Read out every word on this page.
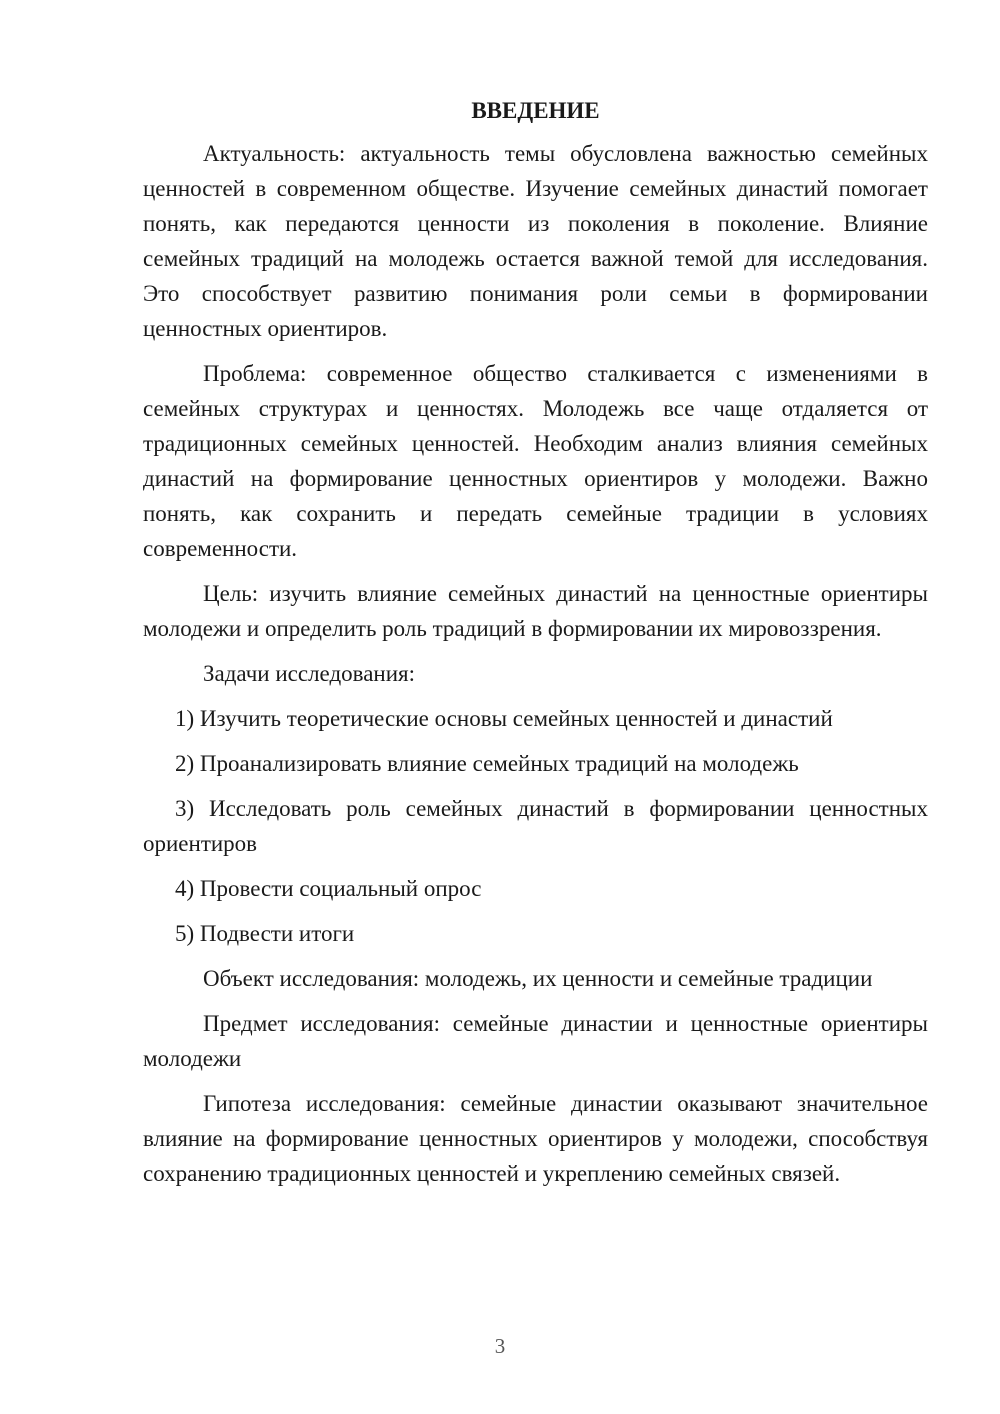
ВВЕДЕНИЕ

Актуальность: актуальность темы обусловлена важностью семейных ценностей в современном обществе. Изучение семейных династий помогает понять, как передаются ценности из поколения в поколение. Влияние семейных традиций на молодежь остается важной темой для исследования. Это способствует развитию понимания роли семьи в формировании ценностных ориентиров.

Проблема: современное общество сталкивается с изменениями в семейных структурах и ценностях. Молодежь все чаще отдаляется от традиционных семейных ценностей. Необходим анализ влияния семейных династий на формирование ценностных ориентиров у молодежи. Важно понять, как сохранить и передать семейные традиции в условиях современности.

Цель: изучить влияние семейных династий на ценностные ориентиры молодежи и определить роль традиций в формировании их мировоззрения.

Задачи исследования:

1) Изучить теоретические основы семейных ценностей и династий

2) Проанализировать влияние семейных традиций на молодежь

3) Исследовать роль семейных династий в формировании ценностных ориентиров

4) Провести социальный опрос

5) Подвести итоги

Объект исследования: молодежь, их ценности и семейные традиции

Предмет исследования: семейные династии и ценностные ориентиры молодежи

Гипотеза исследования: семейные династии оказывают значительное влияние на формирование ценностных ориентиров у молодежи, способствуя сохранению традиционных ценностей и укреплению семейных связей.

3
